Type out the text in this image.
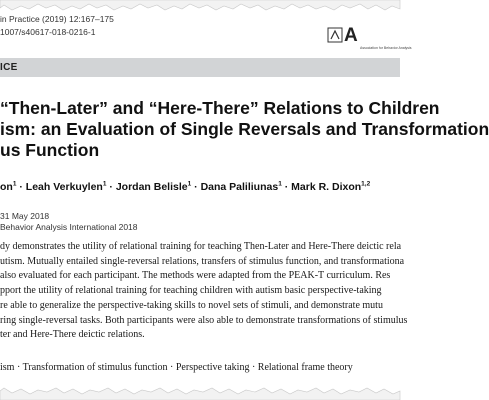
in Practice (2019) 12:167–175
1007/s40617-018-0216-1	A
Association for Behavior Analysis
ICE
“Then-Later” and “Here-There” Relations to Children
ism: an Evaluation of Single Reversals and Transformation
us Function
$on^1$ · Leah Verkuylen$^1$ · Jordan Belisle$^1$ · Dana Paliliunas$^1$ · Mark R. Dixon$^{1,2}$
31 May 2018
Behavior Analysis International 2018
dy demonstrates the utility of relational training for teaching Then-Later and Here-There deictic rela
utism. Mutually entailed single-reversal relations, transfers of stimulus function, and transformationa
also evaluated for each participant. The methods were adapted from the PEAK-T curriculum. Res
pport the utility of relational training for teaching children with autism basic perspective-taking
re able to generalize the perspective-taking skills to novel sets of stimuli, and demonstrate mutu
ring single-reversal tasks. Both participants were also able to demonstrate transformations of stimulus
ter and Here-There deictic relations.
ism · Transformation of stimulus function · Perspective taking · Relational frame theory
